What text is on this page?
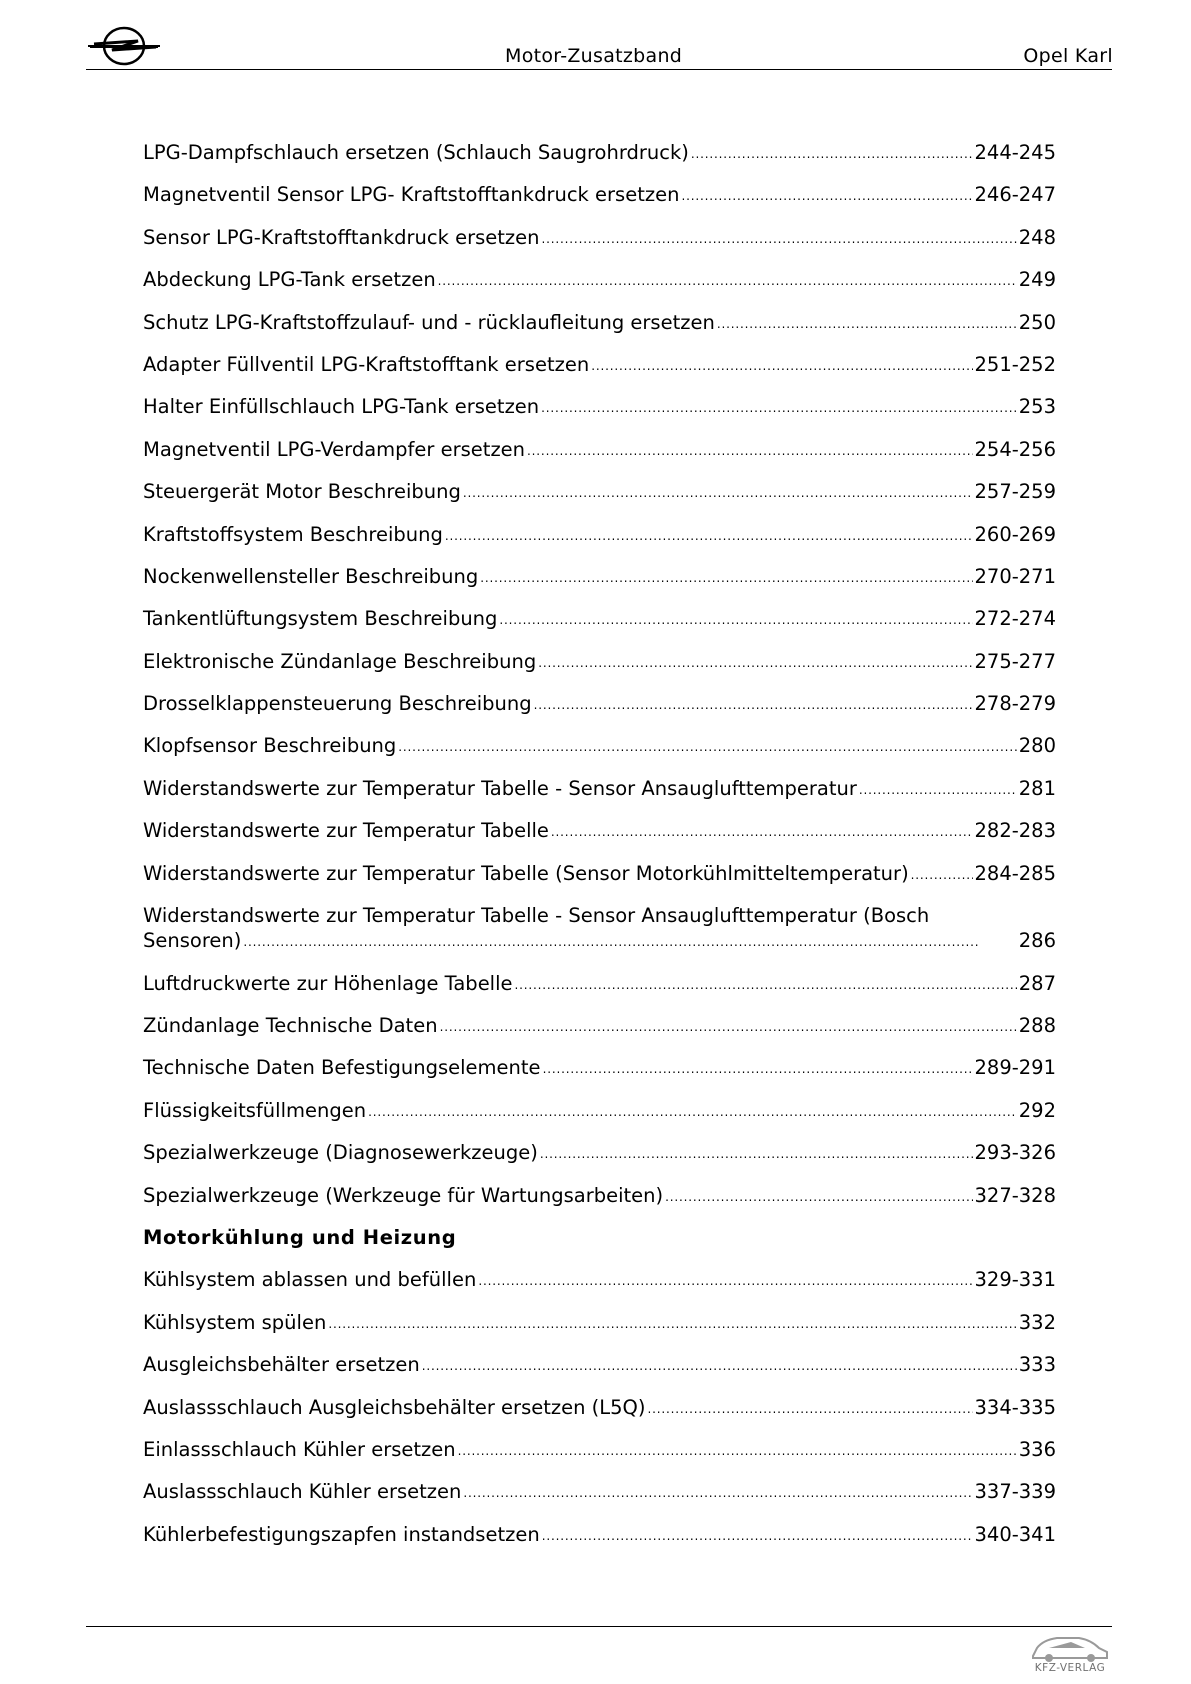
Motor-Zusatzband	Opel Karl
LPG-Dampfschlauch ersetzen (Schlauch Saugrohrdruck) . . .	244-245
Magnetventil Sensor LPG- Kraftstofftankdruck ersetzen . . .	246-247
Sensor LPG-Kraftstofftankdruck ersetzen . . .	248
Abdeckung LPG-Tank ersetzen . . .	249
Schutz LPG-Kraftstoffzulauf- und - rücklaufleitung ersetzen . . .	250
Adapter Füllventil LPG-Kraftstofftank ersetzen . . .	251-252
Halter Einfüllschlauch LPG-Tank ersetzen . . .	253
Magnetventil LPG-Verdampfer ersetzen . . .	254-256
Steuergerät Motor Beschreibung . . .	257-259
Kraftstoffsystem Beschreibung . . .	260-269
Nockenwellensteller Beschreibung . . .	270-271
Tankentlüftungsystem Beschreibung . . .	272-274
Elektronische Zündanlage Beschreibung . . .	275-277
Drosselklappensteuerung Beschreibung . . .	278-279
Klopfsensor Beschreibung . . .	280
Widerstandswerte zur Temperatur Tabelle - Sensor Ansauglufttemperatur . . .	281
Widerstandswerte zur Temperatur Tabelle . . .	282-283
Widerstandswerte zur Temperatur Tabelle (Sensor Motorkühlmitteltemperatur) . . .	284-285
Widerstandswerte zur Temperatur Tabelle - Sensor Ansauglufttemperatur (Bosch
Sensoren) . . .	286
Luftdruckwerte zur Höhenlage Tabelle . . .	287
Zündanlage Technische Daten . . .	288
Technische Daten Befestigungselemente . . .	289-291
Flüssigkeitsfüllmengen . . .	292
Spezialwerkzeuge (Diagnosewerkzeuge) . . .	293-326
Spezialwerkzeuge (Werkzeuge für Wartungsarbeiten) . . .	327-328
Motorkühlung und Heizung
Kühlsystem ablassen und befüllen . . .	329-331
Kühlsystem spülen . . .	332
Ausgleichsbehälter ersetzen . . .	333
Auslassschlauch Ausgleichsbehälter ersetzen (L5Q) . . .	334-335
Einlassschlauch Kühler ersetzen . . .	336
Auslassschlauch Kühler ersetzen . . .	337-339
Kühlerbefestigungszapfen instandsetzen . . .	340-341
KFZ-VERLAG
